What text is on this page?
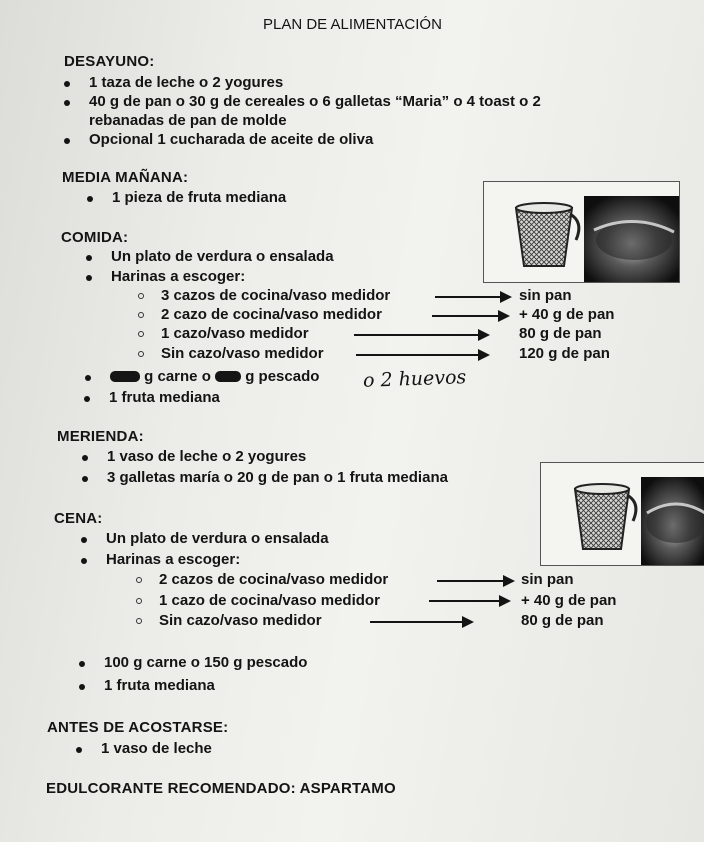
PLAN DE ALIMENTACIÓN
DESAYUNO:
1 taza de leche o 2 yogures
40 g de pan o 30 g de cereales o 6 galletas “Maria” o 4 toast o 2
rebanadas de pan de molde
Opcional 1 cucharada de aceite de oliva
MEDIA MAÑANA:
1 pieza de fruta mediana
COMIDA:
Un plato de verdura o ensalada
Harinas a escoger:
3 cazos de cocina/vaso medidor	sin pan
2 cazo de cocina/vaso medidor	+ 40 g de pan
1 cazo/vaso medidor	80 g de pan
Sin cazo/vaso medidor	120 g de pan
g carne o g pescado o 2 huevos
1 fruta mediana
MERIENDA:
1 vaso de leche o 2 yogures
3 galletas maría o 20 g de pan o 1 fruta mediana
CENA:
Un plato de verdura o ensalada
Harinas a escoger:
2 cazos de cocina/vaso medidor	sin pan
1 cazo de cocina/vaso medidor	+ 40 g de pan
Sin cazo/vaso medidor	80 g de pan
100 g carne o 150 g pescado
1 fruta mediana
ANTES DE ACOSTARSE:
1 vaso de leche
EDULCORANTE RECOMENDADO: ASPARTAMO
